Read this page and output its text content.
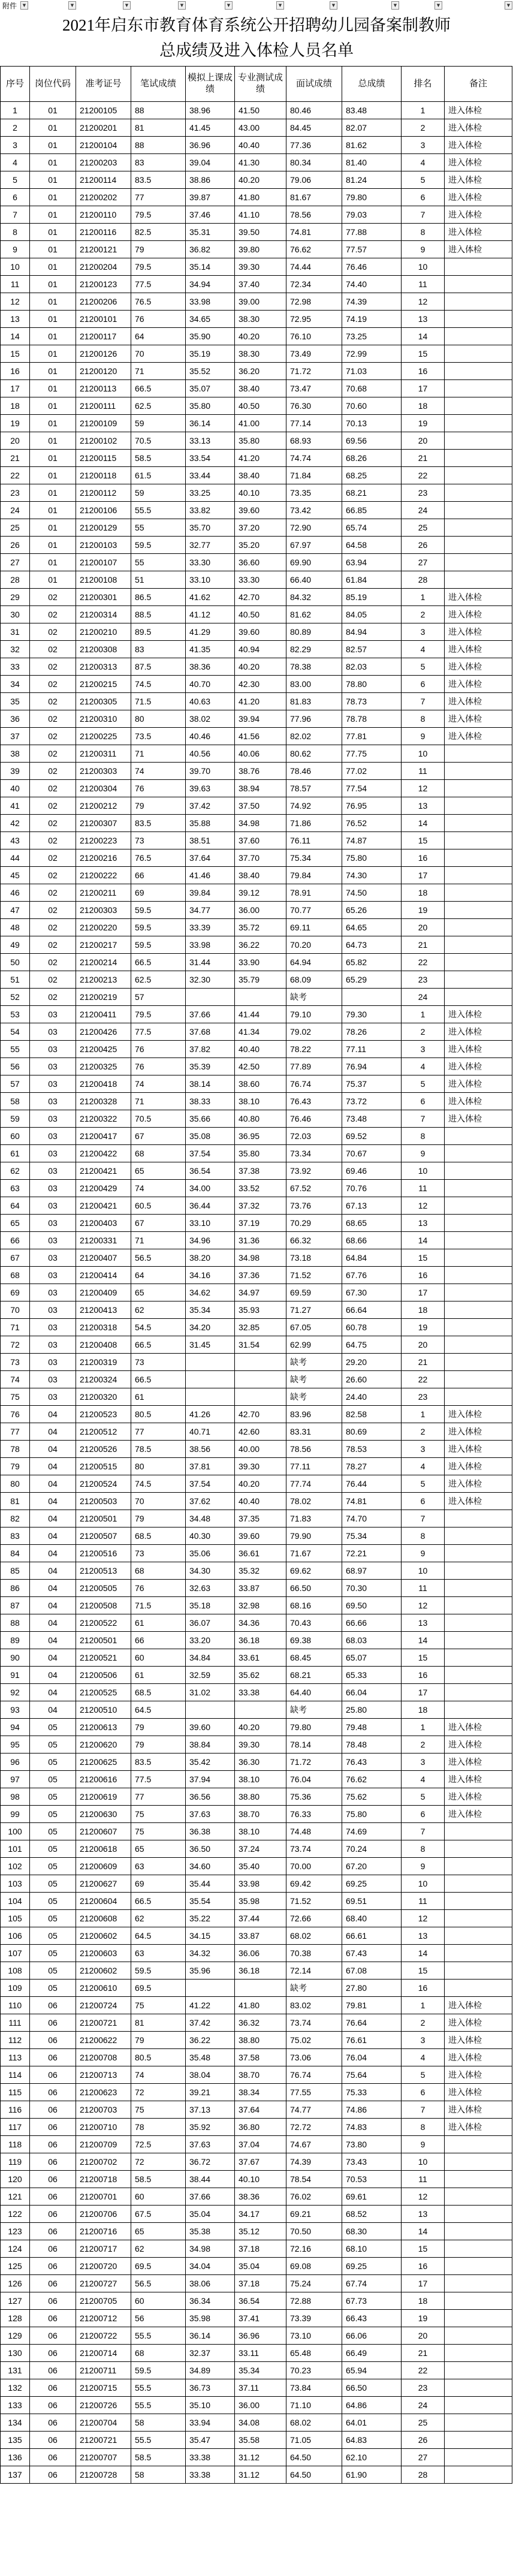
附件	▼	▼	▼	▼	▼	▼	▼	▼	▼	▼
2021年启东市教育体育系统公开招聘幼儿园备案制教师
总成绩及进入体检人员名单
序号	岗位代码	准考证号	笔试成绩	模拟上课成绩	专业测试成绩	面试成绩	总成绩	排名	备注
1	01	21200105	88	38.96	41.50	80.46	83.48	1	进入体检
2	01	21200201	81	41.45	43.00	84.45	82.07	2	进入体检
3	01	21200104	88	36.96	40.40	77.36	81.62	3	进入体检
4	01	21200203	83	39.04	41.30	80.34	81.40	4	进入体检
5	01	21200114	83.5	38.86	40.20	79.06	81.24	5	进入体检
6	01	21200202	77	39.87	41.80	81.67	79.80	6	进入体检
7	01	21200110	79.5	37.46	41.10	78.56	79.03	7	进入体检
8	01	21200116	82.5	35.31	39.50	74.81	77.88	8	进入体检
9	01	21200121	79	36.82	39.80	76.62	77.57	9	进入体检
10	01	21200204	79.5	35.14	39.30	74.44	76.46	10	
11	01	21200123	77.5	34.94	37.40	72.34	74.40	11	
12	01	21200206	76.5	33.98	39.00	72.98	74.39	12	
13	01	21200101	76	34.65	38.30	72.95	74.19	13	
14	01	21200117	64	35.90	40.20	76.10	73.25	14	
15	01	21200126	70	35.19	38.30	73.49	72.99	15	
16	01	21200120	71	35.52	36.20	71.72	71.03	16	
17	01	21200113	66.5	35.07	38.40	73.47	70.68	17	
18	01	21200111	62.5	35.80	40.50	76.30	70.60	18	
19	01	21200109	59	36.14	41.00	77.14	70.13	19	
20	01	21200102	70.5	33.13	35.80	68.93	69.56	20	
21	01	21200115	58.5	33.54	41.20	74.74	68.26	21	
22	01	21200118	61.5	33.44	38.40	71.84	68.25	22	
23	01	21200112	59	33.25	40.10	73.35	68.21	23	
24	01	21200106	55.5	33.82	39.60	73.42	66.85	24	
25	01	21200129	55	35.70	37.20	72.90	65.74	25	
26	01	21200103	59.5	32.77	35.20	67.97	64.58	26	
27	01	21200107	55	33.30	36.60	69.90	63.94	27	
28	01	21200108	51	33.10	33.30	66.40	61.84	28	
29	02	21200301	86.5	41.62	42.70	84.32	85.19	1	进入体检
30	02	21200314	88.5	41.12	40.50	81.62	84.05	2	进入体检
31	02	21200210	89.5	41.29	39.60	80.89	84.94	3	进入体检
32	02	21200308	83	41.35	40.94	82.29	82.57	4	进入体检
33	02	21200313	87.5	38.36	40.20	78.38	82.03	5	进入体检
34	02	21200215	74.5	40.70	42.30	83.00	78.80	6	进入体检
35	02	21200305	71.5	40.63	41.20	81.83	78.73	7	进入体检
36	02	21200310	80	38.02	39.94	77.96	78.78	8	进入体检
37	02	21200225	73.5	40.46	41.56	82.02	77.81	9	进入体检
38	02	21200311	71	40.56	40.06	80.62	77.75	10	
39	02	21200303	74	39.70	38.76	78.46	77.02	11	
40	02	21200304	76	39.63	38.94	78.57	77.54	12	
41	02	21200212	79	37.42	37.50	74.92	76.95	13	
42	02	21200307	83.5	35.88	34.98	71.86	76.52	14	
43	02	21200223	73	38.51	37.60	76.11	74.87	15	
44	02	21200216	76.5	37.64	37.70	75.34	75.80	16	
45	02	21200222	66	41.46	38.40	79.84	74.30	17	
46	02	21200211	69	39.84	39.12	78.91	74.50	18	
47	02	21200303	59.5	34.77	36.00	70.77	65.26	19	
48	02	21200220	59.5	33.39	35.72	69.11	64.65	20	
49	02	21200217	59.5	33.98	36.22	70.20	64.73	21	
50	02	21200214	66.5	31.44	33.90	64.94	65.82	22	
51	02	21200213	62.5	32.30	35.79	68.09	65.29	23	
52	02	21200219	57			缺考		24	
53	03	21200411	79.5	37.66	41.44	79.10	79.30	1	进入体检
54	03	21200426	77.5	37.68	41.34	79.02	78.26	2	进入体检
55	03	21200425	76	37.82	40.40	78.22	77.11	3	进入体检
56	03	21200325	76	35.39	42.50	77.89	76.94	4	进入体检
57	03	21200418	74	38.14	38.60	76.74	75.37	5	进入体检
58	03	21200328	71	38.33	38.10	76.43	73.72	6	进入体检
59	03	21200322	70.5	35.66	40.80	76.46	73.48	7	进入体检
60	03	21200417	67	35.08	36.95	72.03	69.52	8	
61	03	21200422	68	37.54	35.80	73.34	70.67	9	
62	03	21200421	65	36.54	37.38	73.92	69.46	10	
63	03	21200429	74	34.00	33.52	67.52	70.76	11	
64	03	21200421	60.5	36.44	37.32	73.76	67.13	12	
65	03	21200403	67	33.10	37.19	70.29	68.65	13	
66	03	21200331	71	34.96	31.36	66.32	68.66	14	
67	03	21200407	56.5	38.20	34.98	73.18	64.84	15	
68	03	21200414	64	34.16	37.36	71.52	67.76	16	
69	03	21200409	65	34.62	34.97	69.59	67.30	17	
70	03	21200413	62	35.34	35.93	71.27	66.64	18	
71	03	21200318	54.5	34.20	32.85	67.05	60.78	19	
72	03	21200408	66.5	31.45	31.54	62.99	64.75	20	
73	03	21200319	73			缺考	29.20	21	
74	03	21200324	66.5			缺考	26.60	22	
75	03	21200320	61			缺考	24.40	23	
76	04	21200523	80.5	41.26	42.70	83.96	82.58	1	进入体检
77	04	21200512	77	40.71	42.60	83.31	80.69	2	进入体检
78	04	21200526	78.5	38.56	40.00	78.56	78.53	3	进入体检
79	04	21200515	80	37.81	39.30	77.11	78.27	4	进入体检
80	04	21200524	74.5	37.54	40.20	77.74	76.44	5	进入体检
81	04	21200503	70	37.62	40.40	78.02	74.81	6	进入体检
82	04	21200501	79	34.48	37.35	71.83	74.70	7	
83	04	21200507	68.5	40.30	39.60	79.90	75.34	8	
84	04	21200516	73	35.06	36.61	71.67	72.21	9	
85	04	21200513	68	34.30	35.32	69.62	68.97	10	
86	04	21200505	76	32.63	33.87	66.50	70.30	11	
87	04	21200508	71.5	35.18	32.98	68.16	69.50	12	
88	04	21200522	61	36.07	34.36	70.43	66.66	13	
89	04	21200501	66	33.20	36.18	69.38	68.03	14	
90	04	21200521	60	34.84	33.61	68.45	65.07	15	
91	04	21200506	61	32.59	35.62	68.21	65.33	16	
92	04	21200525	68.5	31.02	33.38	64.40	66.04	17	
93	04	21200510	64.5			缺考	25.80	18	
94	05	21200613	79	39.60	40.20	79.80	79.48	1	进入体检
95	05	21200620	79	38.84	39.30	78.14	78.48	2	进入体检
96	05	21200625	83.5	35.42	36.30	71.72	76.43	3	进入体检
97	05	21200616	77.5	37.94	38.10	76.04	76.62	4	进入体检
98	05	21200619	77	36.56	38.80	75.36	75.62	5	进入体检
99	05	21200630	75	37.63	38.70	76.33	75.80	6	进入体检
100	05	21200607	75	36.38	38.10	74.48	74.69	7	
101	05	21200618	65	36.50	37.24	73.74	70.24	8	
102	05	21200609	63	34.60	35.40	70.00	67.20	9	
103	05	21200627	69	35.44	33.98	69.42	69.25	10	
104	05	21200604	66.5	35.54	35.98	71.52	69.51	11	
105	05	21200608	62	35.22	37.44	72.66	68.40	12	
106	05	21200602	64.5	34.15	33.87	68.02	66.61	13	
107	05	21200603	63	34.32	36.06	70.38	67.43	14	
108	05	21200602	59.5	35.96	36.18	72.14	67.08	15	
109	05	21200610	69.5			缺考	27.80	16	
110	06	21200724	75	41.22	41.80	83.02	79.81	1	进入体检
111	06	21200721	81	37.42	36.32	73.74	76.64	2	进入体检
112	06	21200622	79	36.22	38.80	75.02	76.61	3	进入体检
113	06	21200708	80.5	35.48	37.58	73.06	76.04	4	进入体检
114	06	21200713	74	38.04	38.70	76.74	75.64	5	进入体检
115	06	21200623	72	39.21	38.34	77.55	75.33	6	进入体检
116	06	21200703	75	37.13	37.64	74.77	74.86	7	进入体检
117	06	21200710	78	35.92	36.80	72.72	74.83	8	进入体检
118	06	21200709	72.5	37.63	37.04	74.67	73.80	9	
119	06	21200702	72	36.72	37.67	74.39	73.43	10	
120	06	21200718	58.5	38.44	40.10	78.54	70.53	11	
121	06	21200701	60	37.66	38.36	76.02	69.61	12	
122	06	21200706	67.5	35.04	34.17	69.21	68.52	13	
123	06	21200716	65	35.38	35.12	70.50	68.30	14	
124	06	21200717	62	34.98	37.18	72.16	68.10	15	
125	06	21200720	69.5	34.04	35.04	69.08	69.25	16	
126	06	21200727	56.5	38.06	37.18	75.24	67.74	17	
127	06	21200705	60	36.34	36.54	72.88	67.73	18	
128	06	21200712	56	35.98	37.41	73.39	66.43	19	
129	06	21200722	55.5	36.14	36.96	73.10	66.06	20	
130	06	21200714	68	32.37	33.11	65.48	66.49	21	
131	06	21200711	59.5	34.89	35.34	70.23	65.94	22	
132	06	21200715	55.5	36.73	37.11	73.84	66.50	23	
133	06	21200726	55.5	35.10	36.00	71.10	64.86	24	
134	06	21200704	58	33.94	34.08	68.02	64.01	25	
135	06	21200721	55.5	35.47	35.58	71.05	64.83	26	
136	06	21200707	58.5	33.38	31.12	64.50	62.10	27	
137	06	21200728	58	33.38	31.12	64.50	61.90	28	
